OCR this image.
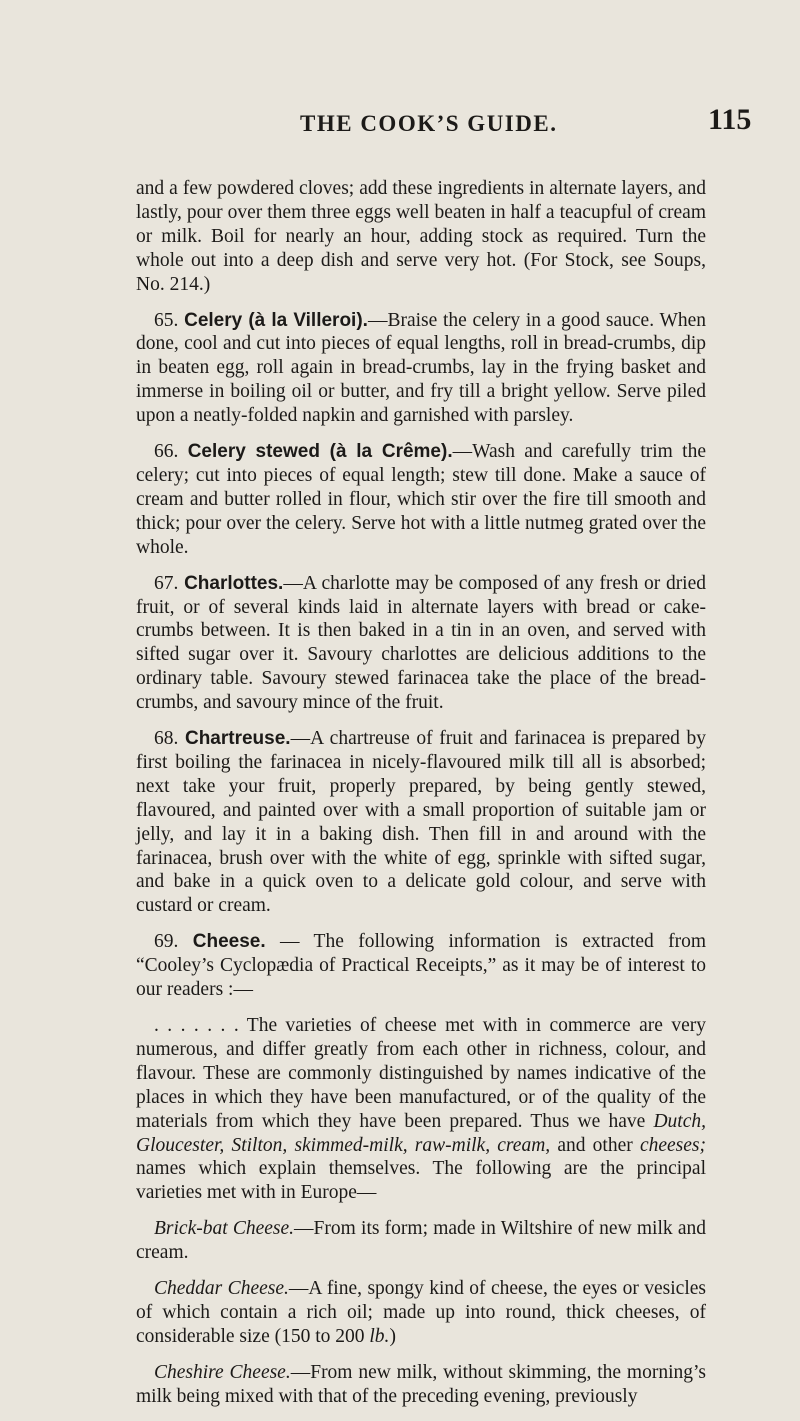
THE COOK’S GUIDE.	115

and a few powdered cloves; add these ingredients in alternate layers, and lastly, pour over them three eggs well beaten in half a teacupful of cream or milk. Boil for nearly an hour, adding stock as required. Turn the whole out into a deep dish and serve very hot. (For Stock, see Soups, No. 214.)

65. Celery (à la Villeroi).—Braise the celery in a good sauce. When done, cool and cut into pieces of equal lengths, roll in bread-crumbs, dip in beaten egg, roll again in bread-crumbs, lay in the frying basket and immerse in boiling oil or butter, and fry till a bright yellow. Serve piled upon a neatly-folded napkin and garnished with parsley.

66. Celery stewed (à la Crême).—Wash and carefully trim the celery; cut into pieces of equal length; stew till done. Make a sauce of cream and butter rolled in flour, which stir over the fire till smooth and thick; pour over the celery. Serve hot with a little nutmeg grated over the whole.

67. Charlottes.—A charlotte may be composed of any fresh or dried fruit, or of several kinds laid in alternate layers with bread or cake-crumbs between. It is then baked in a tin in an oven, and served with sifted sugar over it. Savoury charlottes are delicious additions to the ordinary table. Savoury stewed farinacea take the place of the bread-crumbs, and savoury mince of the fruit.

68. Chartreuse.—A chartreuse of fruit and farinacea is prepared by first boiling the farinacea in nicely-flavoured milk till all is absorbed; next take your fruit, properly prepared, by being gently stewed, flavoured, and painted over with a small proportion of suitable jam or jelly, and lay it in a baking dish. Then fill in and around with the farinacea, brush over with the white of egg, sprinkle with sifted sugar, and bake in a quick oven to a delicate gold colour, and serve with custard or cream.

69. Cheese. — The following information is extracted from “Cooley’s Cyclopædia of Practical Receipts,” as it may be of interest to our readers :—

. . . . . . . The varieties of cheese met with in commerce are very numerous, and differ greatly from each other in richness, colour, and flavour. These are commonly distinguished by names indicative of the places in which they have been manufactured, or of the quality of the materials from which they have been prepared. Thus we have Dutch, Gloucester, Stilton, skimmed-milk, raw-milk, cream, and other cheeses; names which explain themselves. The following are the principal varieties met with in Europe—

Brick-bat Cheese.—From its form; made in Wiltshire of new milk and cream.

Cheddar Cheese.—A fine, spongy kind of cheese, the eyes or vesicles of which contain a rich oil; made up into round, thick cheeses, of considerable size (150 to 200 lb.)

Cheshire Cheese.—From new milk, without skimming, the morning’s milk being mixed with that of the preceding evening, previously
